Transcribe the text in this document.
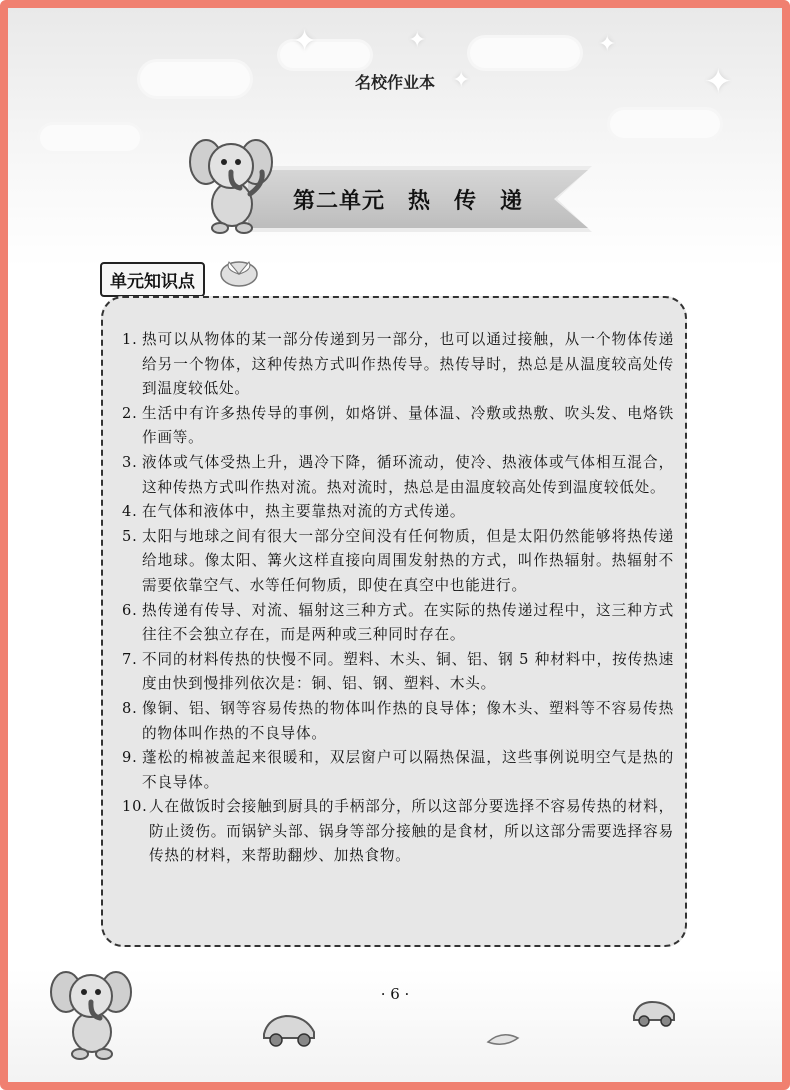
✦	✦	✦
✦
✦
名校作业本
第二单元　热　传　递
单元知识点
1. 热可以从物体的某一部分传递到另一部分，也可以通过接触，从一个物体传递给另一个物体，这种传热方式叫作热传导。热传导时，热总是从温度较高处传到温度较低处。
2. 生活中有许多热传导的事例，如烙饼、量体温、冷敷或热敷、吹头发、电烙铁作画等。
3. 液体或气体受热上升，遇冷下降，循环流动，使冷、热液体或气体相互混合，这种传热方式叫作热对流。热对流时，热总是由温度较高处传到温度较低处。
4. 在气体和液体中，热主要靠热对流的方式传递。
5. 太阳与地球之间有很大一部分空间没有任何物质，但是太阳仍然能够将热传递给地球。像太阳、篝火这样直接向周围发射热的方式，叫作热辐射。热辐射不需要依靠空气、水等任何物质，即使在真空中也能进行。
6. 热传递有传导、对流、辐射这三种方式。在实际的热传递过程中，这三种方式往往不会独立存在，而是两种或三种同时存在。
7. 不同的材料传热的快慢不同。塑料、木头、铜、铝、钢 5 种材料中，按传热速度由快到慢排列依次是：铜、铝、钢、塑料、木头。
8. 像铜、铝、钢等容易传热的物体叫作热的良导体；像木头、塑料等不容易传热的物体叫作热的不良导体。
9. 蓬松的棉被盖起来很暖和，双层窗户可以隔热保温，这些事例说明空气是热的不良导体。
10. 人在做饭时会接触到厨具的手柄部分，所以这部分要选择不容易传热的材料，防止烫伤。而锅铲头部、锅身等部分接触的是食材，所以这部分需要选择容易传热的材料，来帮助翻炒、加热食物。
· 6 ·
